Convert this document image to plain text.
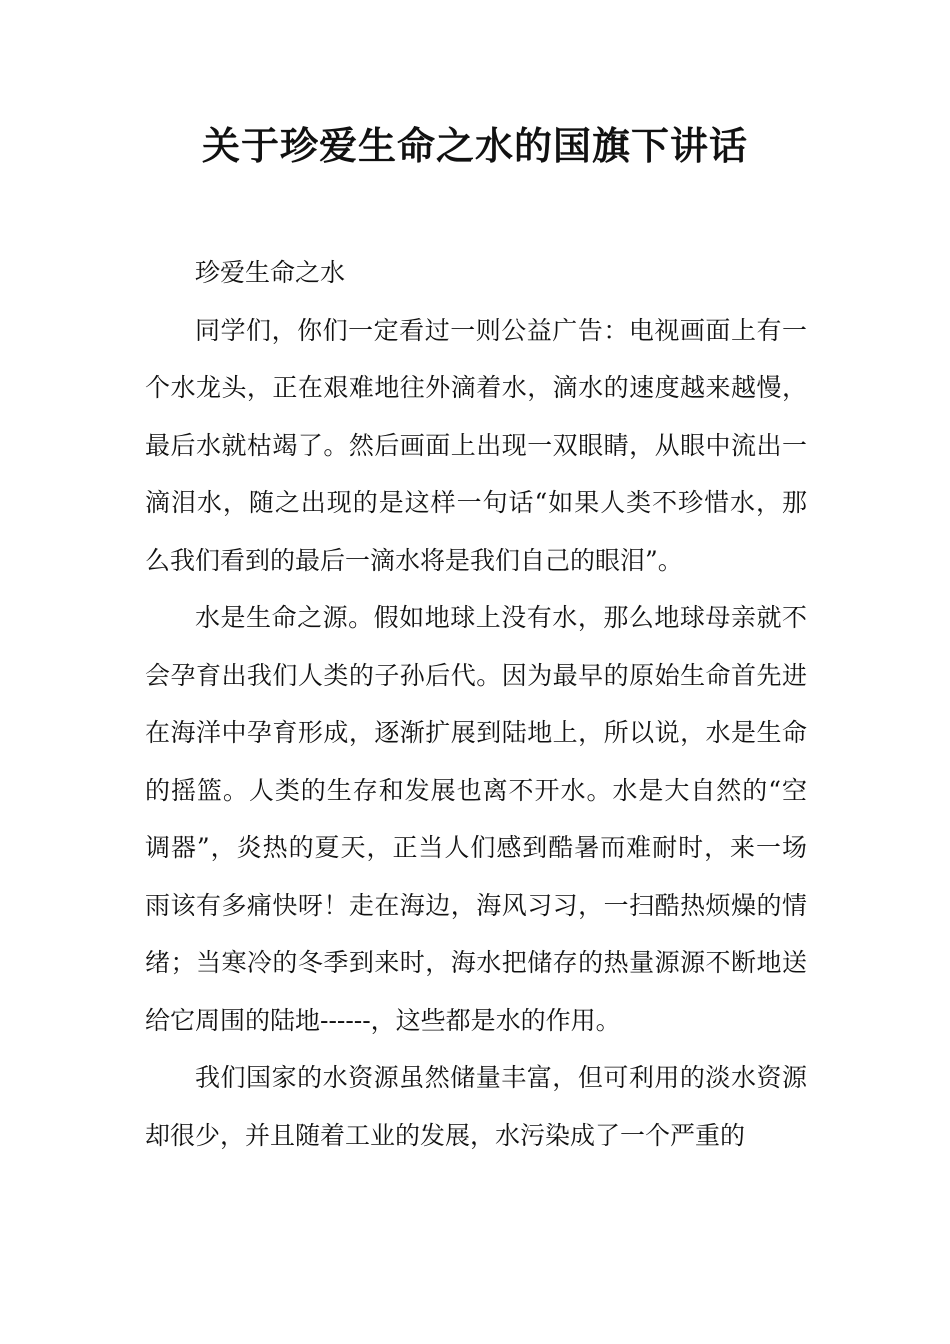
关于珍爱生命之水的国旗下讲话

珍爱生命之水

同学们，你们一定看过一则公益广告：电视画面上有一个水龙头，正在艰难地往外滴着水，滴水的速度越来越慢，最后水就枯竭了。然后画面上出现一双眼睛，从眼中流出一滴泪水，随之出现的是这样一句话“如果人类不珍惜水，那么我们看到的最后一滴水将是我们自己的眼泪”。

水是生命之源。假如地球上没有水，那么地球母亲就不会孕育出我们人类的子孙后代。因为最早的原始生命首先进在海洋中孕育形成，逐渐扩展到陆地上，所以说，水是生命的摇篮。人类的生存和发展也离不开水。水是大自然的“空调器”，炎热的夏天，正当人们感到酷暑而难耐时，来一场雨该有多痛快呀！走在海边，海风习习，一扫酷热烦燥的情绪；当寒冷的冬季到来时，海水把储存的热量源源不断地送给它周围的陆地------，这些都是水的作用。

我们国家的水资源虽然储量丰富，但可利用的淡水资源却很少，并且随着工业的发展，水污染成了一个严重的
